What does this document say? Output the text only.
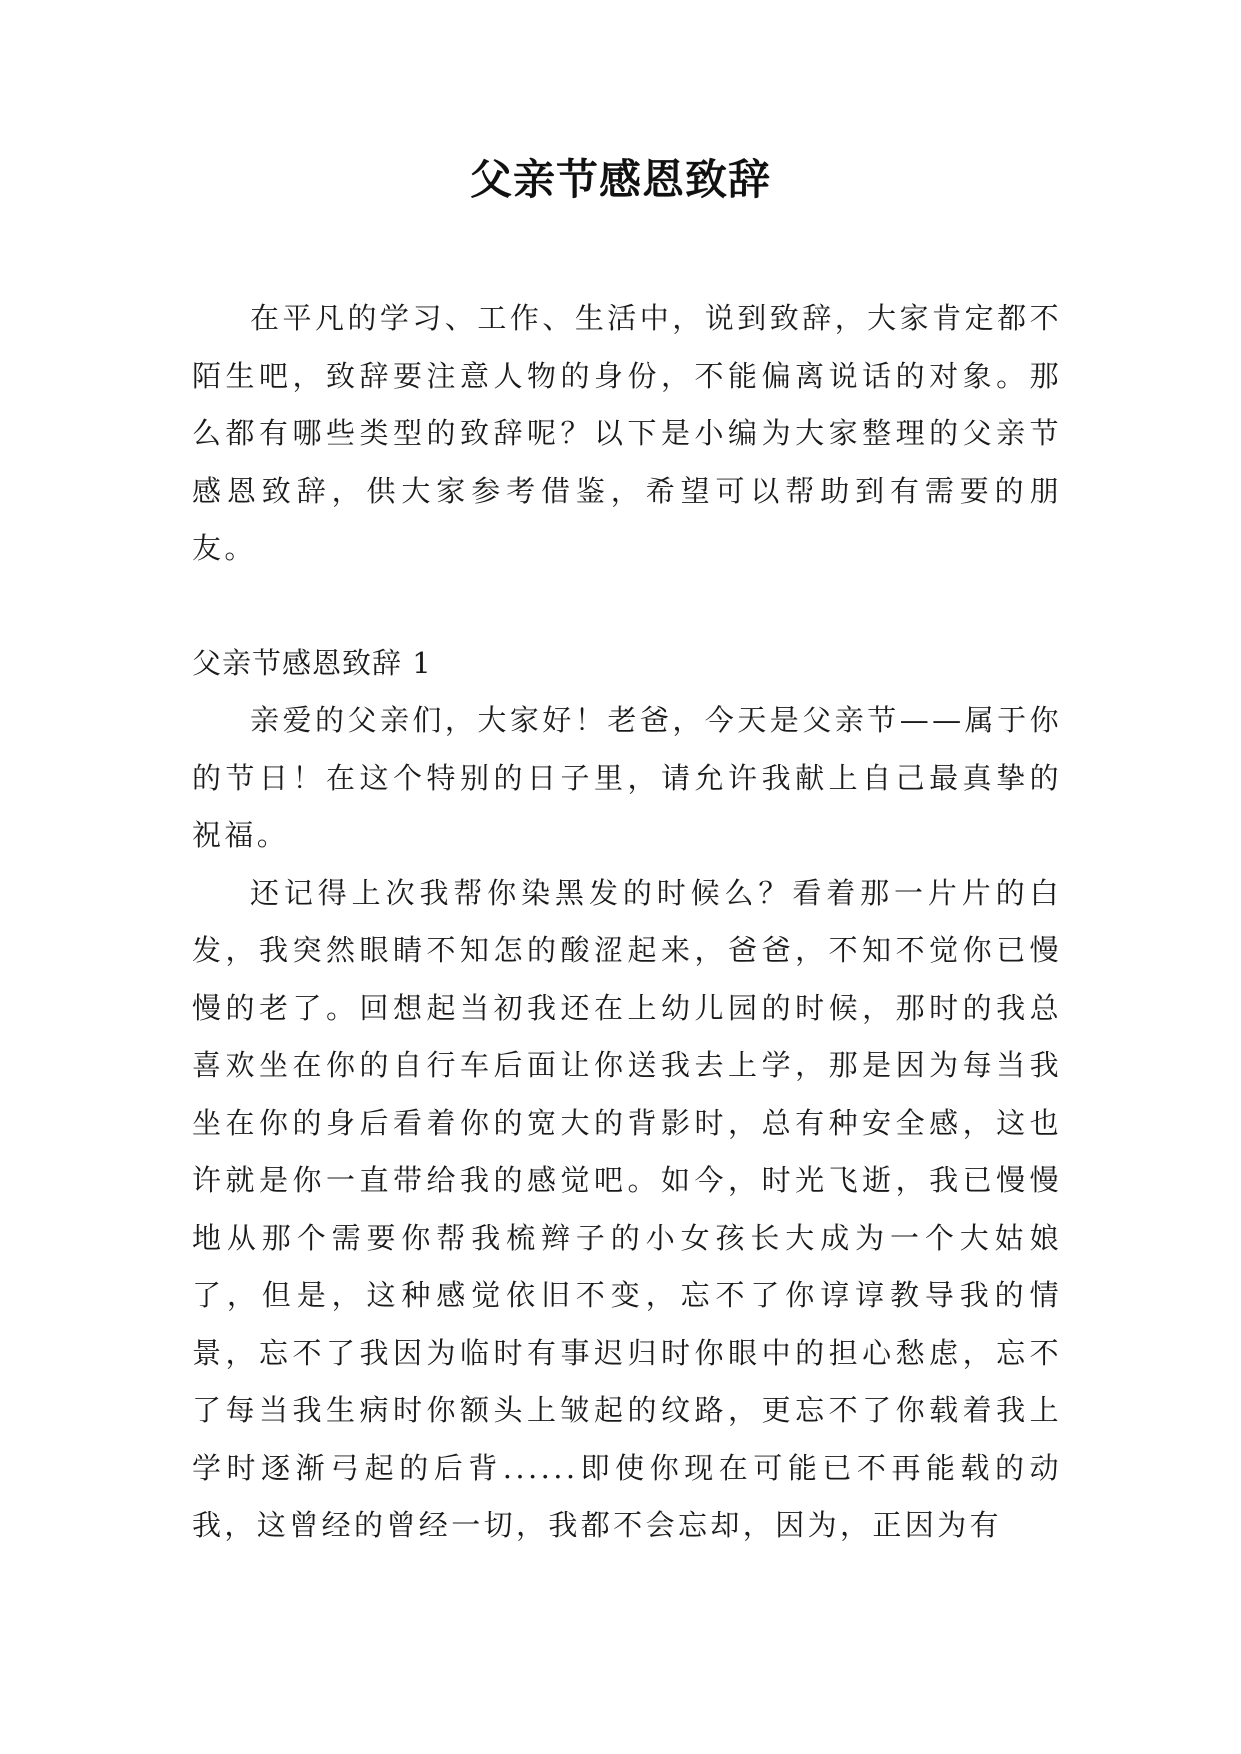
父亲节感恩致辞

在平凡的学习、工作、生活中，说到致辞，大家肯定都不陌生吧，致辞要注意人物的身份，不能偏离说话的对象。那么都有哪些类型的致辞呢？以下是小编为大家整理的父亲节感恩致辞，供大家参考借鉴，希望可以帮助到有需要的朋友。

父亲节感恩致辞 1

亲爱的父亲们，大家好！老爸，今天是父亲节——属于你的节日！在这个特别的日子里，请允许我献上自己最真挚的祝福。

还记得上次我帮你染黑发的时候么？看着那一片片的白发，我突然眼睛不知怎的酸涩起来，爸爸，不知不觉你已慢慢的老了。回想起当初我还在上幼儿园的时候，那时的我总喜欢坐在你的自行车后面让你送我去上学，那是因为每当我坐在你的身后看着你的宽大的背影时，总有种安全感，这也许就是你一直带给我的感觉吧。如今，时光飞逝，我已慢慢地从那个需要你帮我梳辫子的小女孩长大成为一个大姑娘了，但是，这种感觉依旧不变，忘不了你谆谆教导我的情景，忘不了我因为临时有事迟归时你眼中的担心愁虑，忘不了每当我生病时你额头上皱起的纹路，更忘不了你载着我上学时逐渐弓起的后背......即使你现在可能已不再能载的动我，这曾经的曾经一切，我都不会忘却，因为，正因为有
